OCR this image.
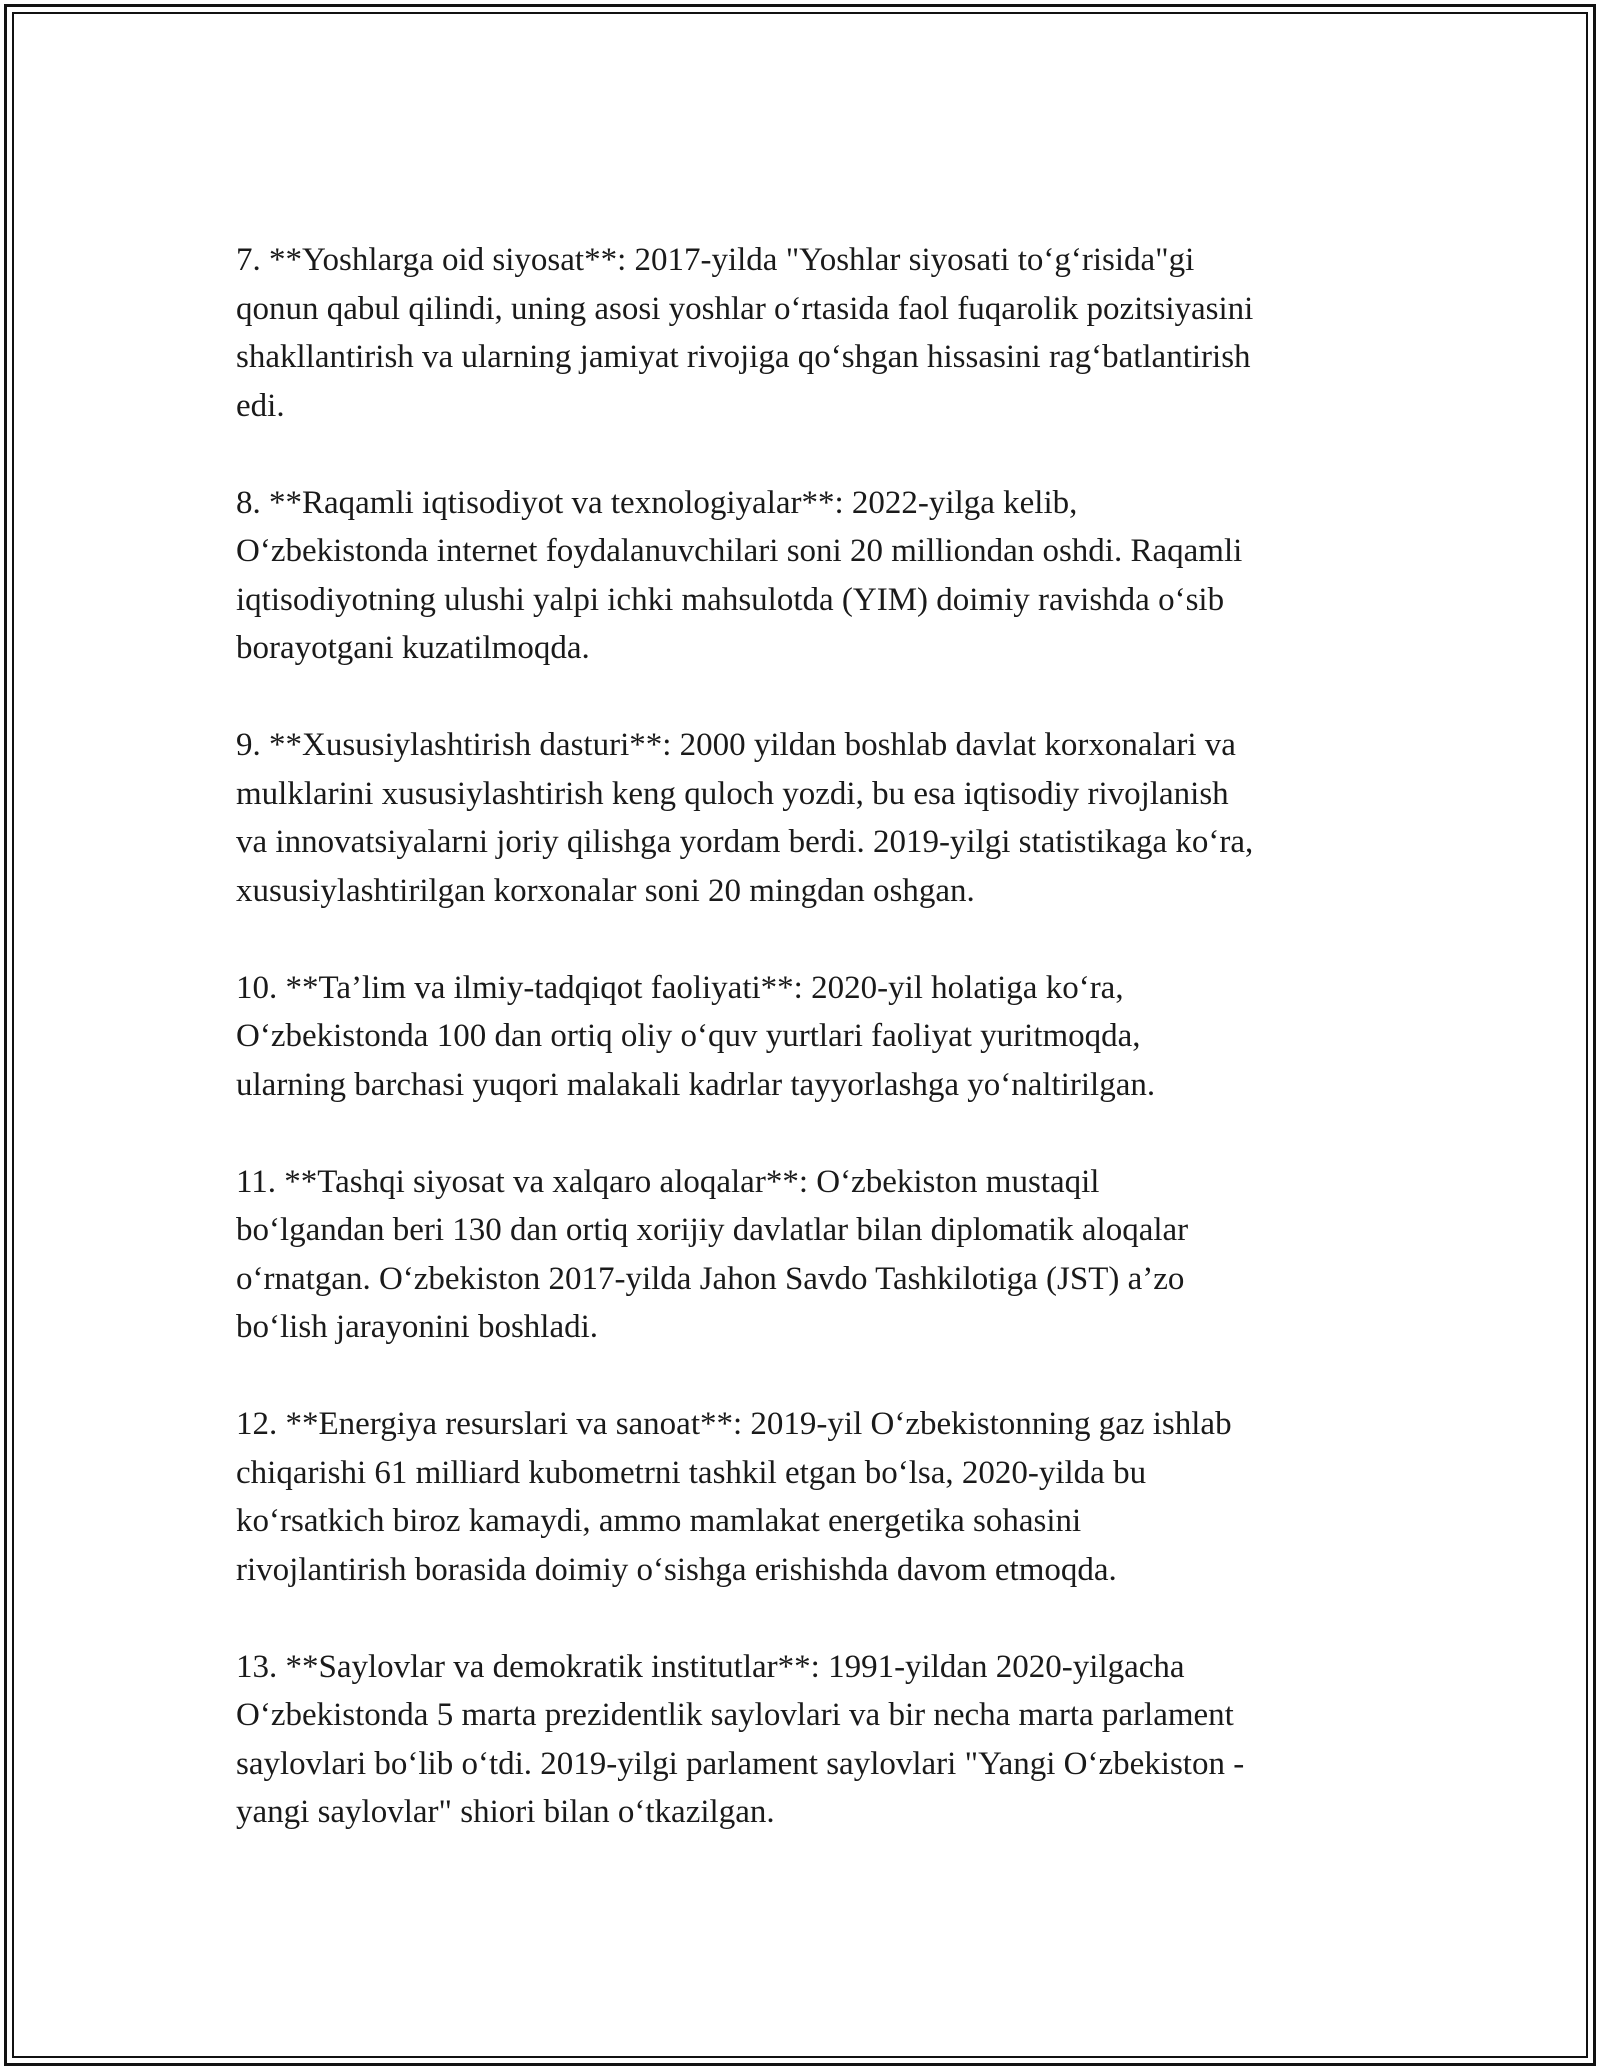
7. **Yoshlarga oid siyosat**: 2017-yilda "Yoshlar siyosati to‘g‘risida"gi
qonun qabul qilindi, uning asosi yoshlar o‘rtasida faol fuqarolik pozitsiyasini
shakllantirish va ularning jamiyat rivojiga qo‘shgan hissasini rag‘batlantirish
edi.

8. **Raqamli iqtisodiyot va texnologiyalar**: 2022-yilga kelib,
O‘zbekistonda internet foydalanuvchilari soni 20 milliondan oshdi. Raqamli
iqtisodiyotning ulushi yalpi ichki mahsulotda (YIM) doimiy ravishda o‘sib
borayotgani kuzatilmoqda.

9. **Xususiylashtirish dasturi**: 2000 yildan boshlab davlat korxonalari va
mulklarini xususiylashtirish keng quloch yozdi, bu esa iqtisodiy rivojlanish
va innovatsiyalarni joriy qilishga yordam berdi. 2019-yilgi statistikaga ko‘ra,
xususiylashtirilgan korxonalar soni 20 mingdan oshgan.

10. **Ta’lim va ilmiy-tadqiqot faoliyati**: 2020-yil holatiga ko‘ra,
O‘zbekistonda 100 dan ortiq oliy o‘quv yurtlari faoliyat yuritmoqda,
ularning barchasi yuqori malakali kadrlar tayyorlashga yo‘naltirilgan.

11. **Tashqi siyosat va xalqaro aloqalar**: O‘zbekiston mustaqil
bo‘lgandan beri 130 dan ortiq xorijiy davlatlar bilan diplomatik aloqalar
o‘rnatgan. O‘zbekiston 2017-yilda Jahon Savdo Tashkilotiga (JST) a’zo
bo‘lish jarayonini boshladi.

12. **Energiya resurslari va sanoat**: 2019-yil O‘zbekistonning gaz ishlab
chiqarishi 61 milliard kubometrni tashkil etgan bo‘lsa, 2020-yilda bu
ko‘rsatkich biroz kamaydi, ammo mamlakat energetika sohasini
rivojlantirish borasida doimiy o‘sishga erishishda davom etmoqda.

13. **Saylovlar va demokratik institutlar**: 1991-yildan 2020-yilgacha
O‘zbekistonda 5 marta prezidentlik saylovlari va bir necha marta parlament
saylovlari bo‘lib o‘tdi. 2019-yilgi parlament saylovlari "Yangi O‘zbekiston -
yangi saylovlar" shiori bilan o‘tkazilgan.
